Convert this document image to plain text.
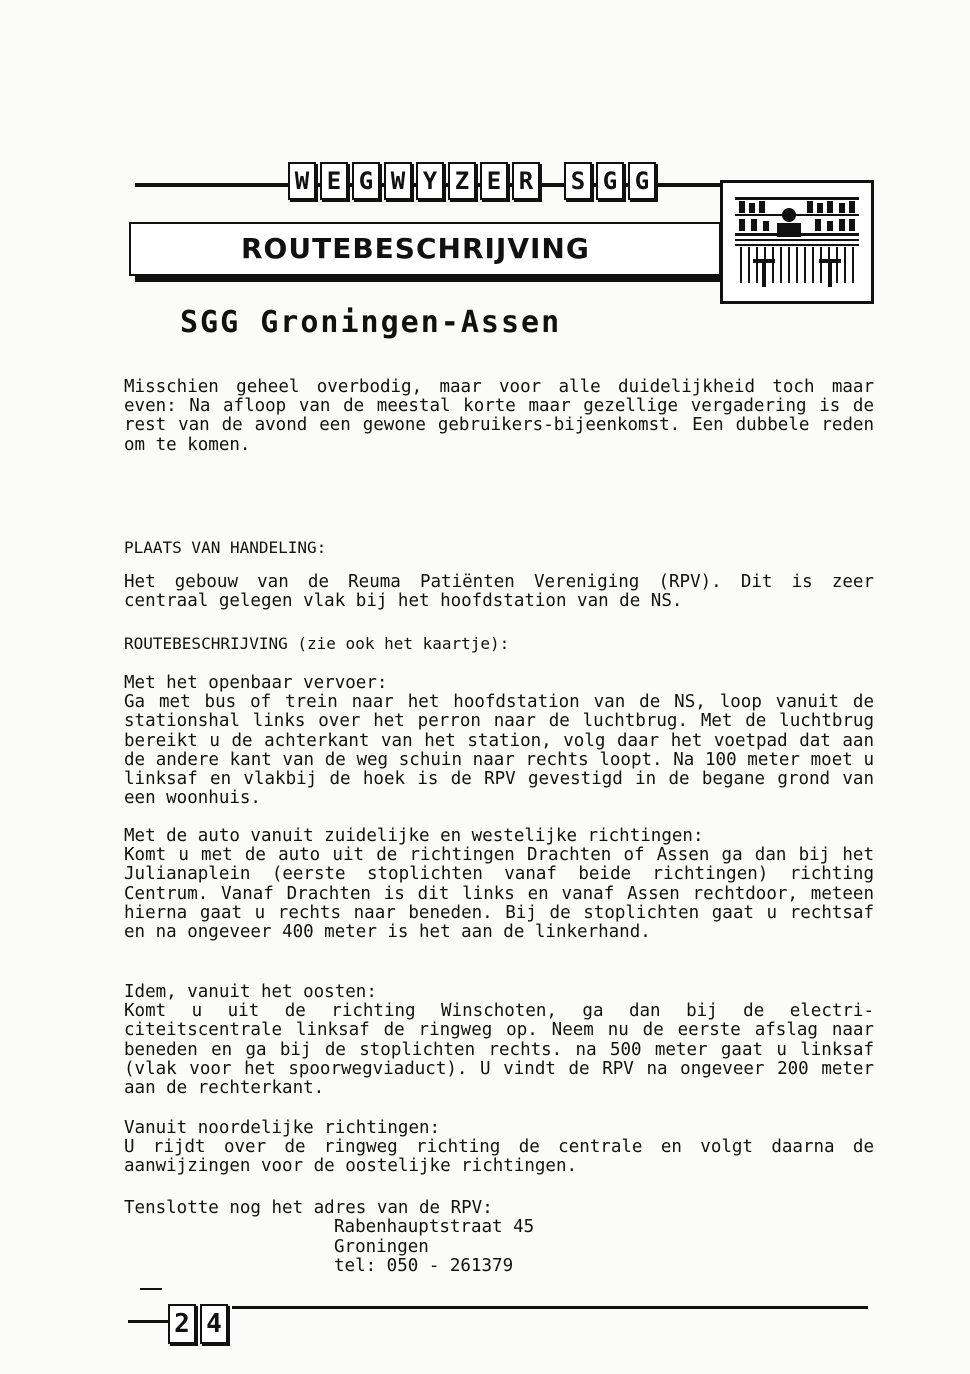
W E G W Y Z E R S G G
ROUTEBESCHRIJVING
SGG Groningen-Assen

Misschien geheel overbodig, maar voor alle duidelijkheid toch maar even: Na afloop van de meestal korte maar gezellige vergadering is de rest van de avond een gewone gebruikers-bijeenkomst. Een dubbele reden om te komen.

PLAATS VAN HANDELING:

Het gebouw van de Reuma Patiënten Vereniging (RPV). Dit is zeer centraal gelegen vlak bij het hoofdstation van de NS.

ROUTEBESCHRIJVING (zie ook het kaartje):

Met het openbaar vervoer:

Ga met bus of trein naar het hoofdstation van de NS, loop vanuit de stationshal links over het perron naar de luchtbrug. Met de luchtbrug bereikt u de achterkant van het station, volg daar het voetpad dat aan de andere kant van de weg schuin naar rechts loopt. Na 100 meter moet u linksaf en vlakbij de hoek is de RPV gevestigd in de begane grond van een woonhuis.

Met de auto vanuit zuidelijke en westelijke richtingen:

Komt u met de auto uit de richtingen Drachten of Assen ga dan bij het Julianaplein (eerste stoplichten vanaf beide richtingen) richting Centrum. Vanaf Drachten is dit links en vanaf Assen rechtdoor, meteen hierna gaat u rechts naar beneden. Bij de stoplichten gaat u rechtsaf en na ongeveer 400 meter is het aan de linkerhand.

Idem, vanuit het oosten:

Komt u uit de richting Winschoten, ga dan bij de electri-citeitscentrale linksaf de ringweg op. Neem nu de eerste afslag naar beneden en ga bij de stoplichten rechts. na 500 meter gaat u linksaf (vlak voor het spoorwegviaduct). U vindt de RPV na ongeveer 200 meter aan de rechterkant.

Vanuit noordelijke richtingen:

U rijdt over de ringweg richting de centrale en volgt daarna de aanwijzingen voor de oostelijke richtingen.

Tenslotte nog het adres van de RPV:

Rabenhauptstraat 45
Groningen
tel: 050 - 261379
2 4
